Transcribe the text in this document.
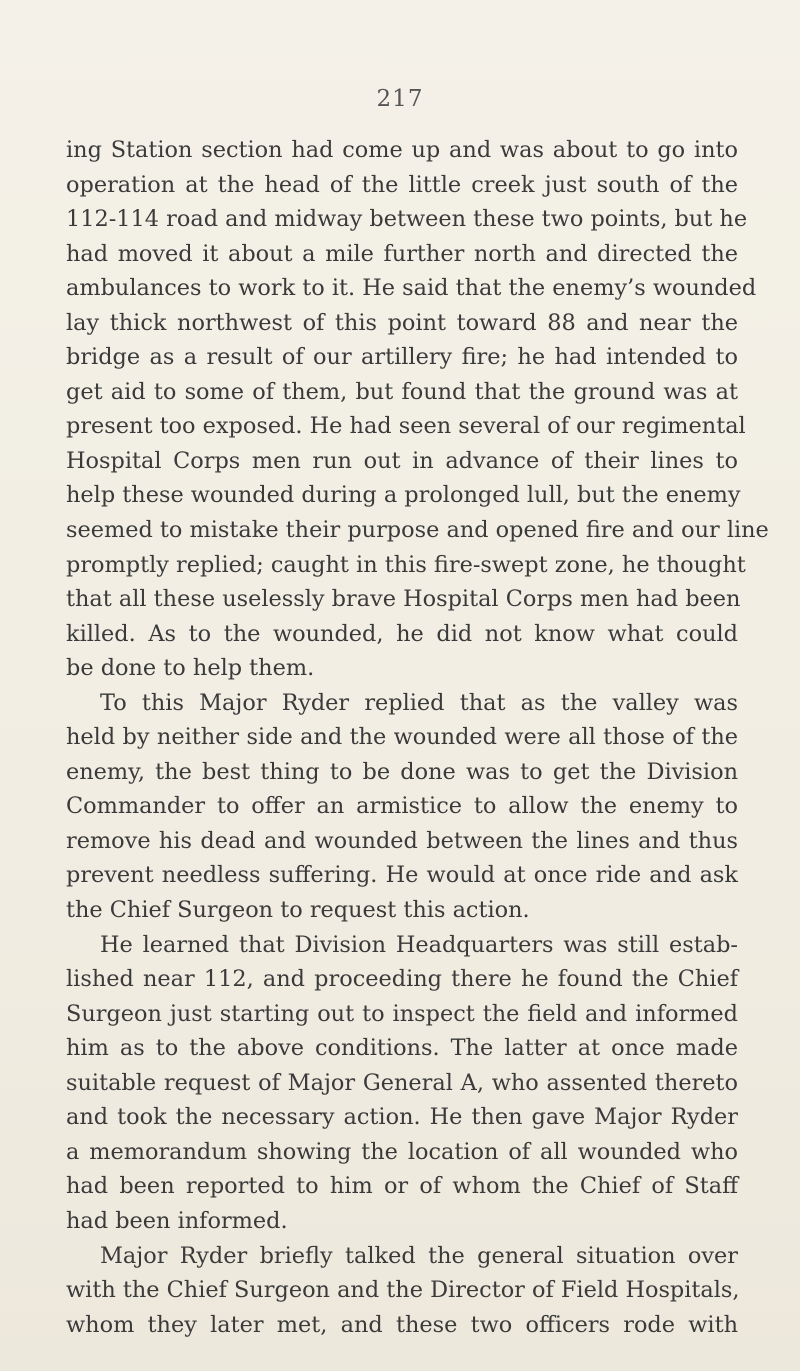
217
ing Station section had come up and was about to go into
operation at the head of the little creek just south of the
112-114 road and midway between these two points, but he
had moved it about a mile further north and directed the
ambulances to work to it. He said that the enemy’s wounded
lay thick northwest of this point toward 88 and near the
bridge as a result of our artillery fire; he had intended to
get aid to some of them, but found that the ground was at
present too exposed. He had seen several of our regimental
Hospital Corps men run out in advance of their lines to
help these wounded during a prolonged lull, but the enemy
seemed to mistake their purpose and opened fire and our line
promptly replied; caught in this fire-swept zone, he thought
that all these uselessly brave Hospital Corps men had been
killed. As to the wounded, he did not know what could
be done to help them.
To this Major Ryder replied that as the valley was
held by neither side and the wounded were all those of the
enemy, the best thing to be done was to get the Division
Commander to offer an armistice to allow the enemy to
remove his dead and wounded between the lines and thus
prevent needless suffering. He would at once ride and ask
the Chief Surgeon to request this action.
He learned that Division Headquarters was still estab-
lished near 112, and proceeding there he found the Chief
Surgeon just starting out to inspect the field and informed
him as to the above conditions. The latter at once made
suitable request of Major General A, who assented thereto
and took the necessary action. He then gave Major Ryder
a memorandum showing the location of all wounded who
had been reported to him or of whom the Chief of Staff
had been informed.
Major Ryder briefly talked the general situation over
with the Chief Surgeon and the Director of Field Hospitals,
whom they later met, and these two officers rode with
